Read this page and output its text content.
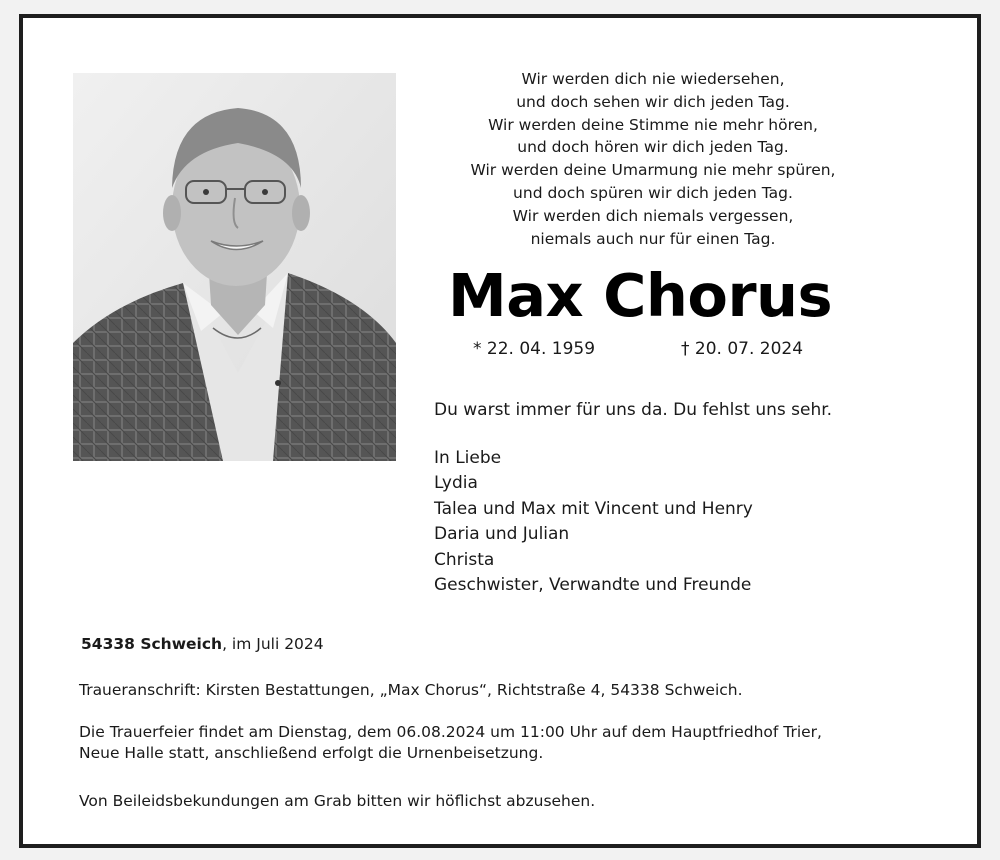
Wir werden dich nie wiedersehen,
und doch sehen wir dich jeden Tag.
Wir werden deine Stimme nie mehr hören,
und doch hören wir dich jeden Tag.
Wir werden deine Umarmung nie mehr spüren,
und doch spüren wir dich jeden Tag.
Wir werden dich niemals vergessen,
niemals auch nur für einen Tag.
Max Chorus
* 22. 04. 1959	† 20. 07. 2024
Du warst immer für uns da. Du fehlst uns sehr.
In Liebe
Lydia
Talea und Max mit Vincent und Henry
Daria und Julian
Christa
Geschwister, Verwandte und Freunde
54338 Schweich, im Juli 2024
Traueranschrift: Kirsten Bestattungen, „Max Chorus“, Richtstraße 4, 54338 Schweich.
Die Trauerfeier findet am Dienstag, dem 06.08.2024 um 11:00 Uhr auf dem Hauptfriedhof Trier,
Neue Halle statt, anschließend erfolgt die Urnenbeisetzung.
Von Beileidsbekundungen am Grab bitten wir höflichst abzusehen.
